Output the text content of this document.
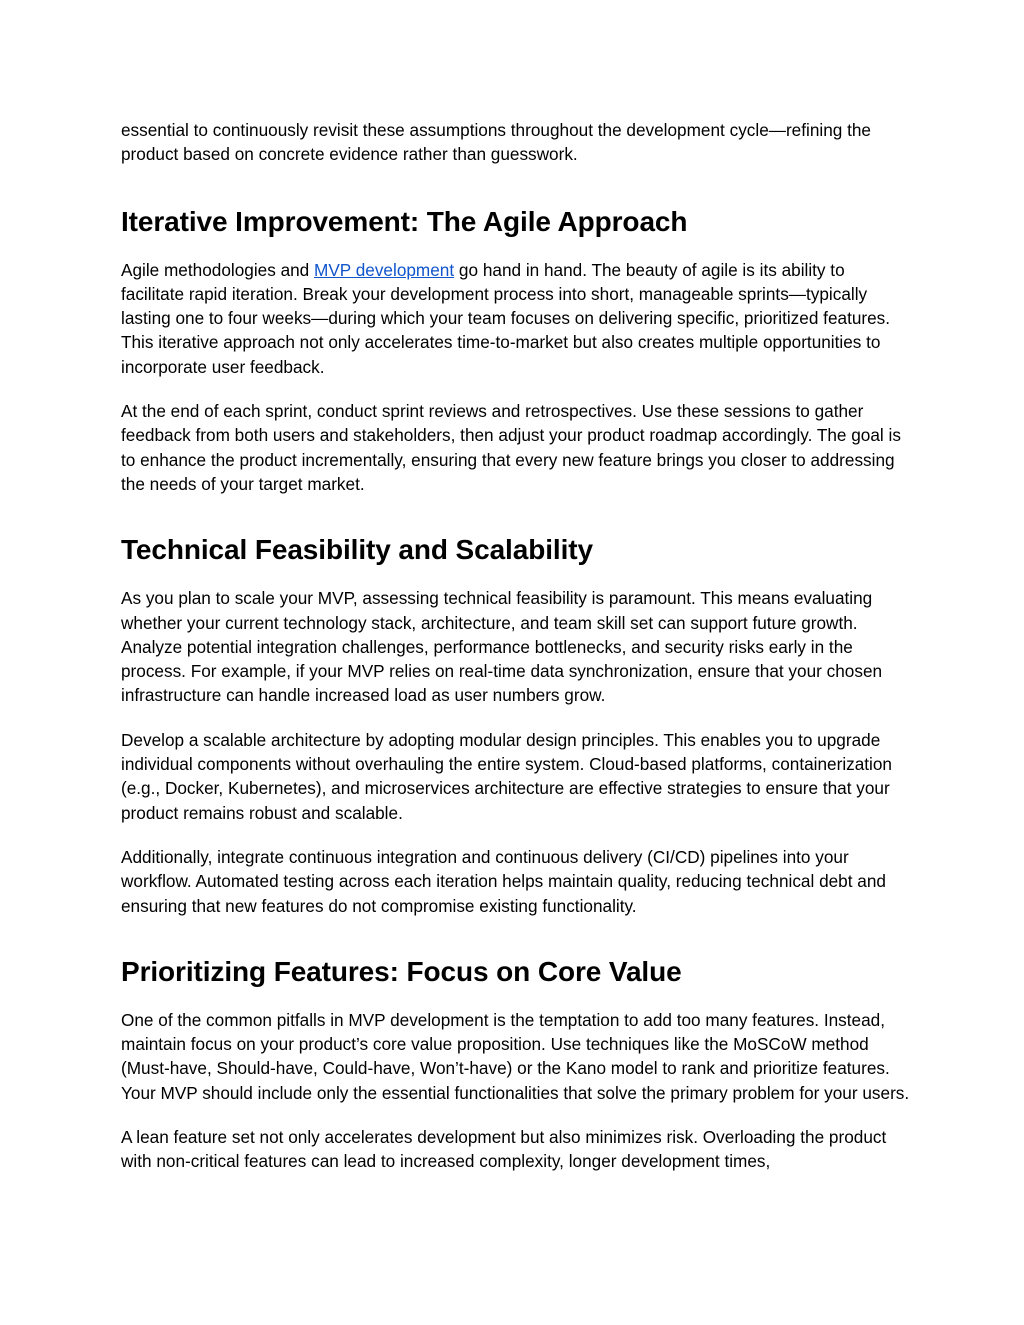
essential to continuously revisit these assumptions throughout the development cycle—refining the product based on concrete evidence rather than guesswork.

Iterative Improvement: The Agile Approach

Agile methodologies and MVP development go hand in hand. The beauty of agile is its ability to facilitate rapid iteration. Break your development process into short, manageable sprints—typically lasting one to four weeks—during which your team focuses on delivering specific, prioritized features. This iterative approach not only accelerates time-to-market but also creates multiple opportunities to incorporate user feedback.

At the end of each sprint, conduct sprint reviews and retrospectives. Use these sessions to gather feedback from both users and stakeholders, then adjust your product roadmap accordingly. The goal is to enhance the product incrementally, ensuring that every new feature brings you closer to addressing the needs of your target market.

Technical Feasibility and Scalability

As you plan to scale your MVP, assessing technical feasibility is paramount. This means evaluating whether your current technology stack, architecture, and team skill set can support future growth. Analyze potential integration challenges, performance bottlenecks, and security risks early in the process. For example, if your MVP relies on real-time data synchronization, ensure that your chosen infrastructure can handle increased load as user numbers grow.

Develop a scalable architecture by adopting modular design principles. This enables you to upgrade individual components without overhauling the entire system. Cloud-based platforms, containerization (e.g., Docker, Kubernetes), and microservices architecture are effective strategies to ensure that your product remains robust and scalable.

Additionally, integrate continuous integration and continuous delivery (CI/CD) pipelines into your workflow. Automated testing across each iteration helps maintain quality, reducing technical debt and ensuring that new features do not compromise existing functionality.

Prioritizing Features: Focus on Core Value

One of the common pitfalls in MVP development is the temptation to add too many features. Instead, maintain focus on your product’s core value proposition. Use techniques like the MoSCoW method (Must-have, Should-have, Could-have, Won’t-have) or the Kano model to rank and prioritize features. Your MVP should include only the essential functionalities that solve the primary problem for your users.

A lean feature set not only accelerates development but also minimizes risk. Overloading the product with non-critical features can lead to increased complexity, longer development times,
